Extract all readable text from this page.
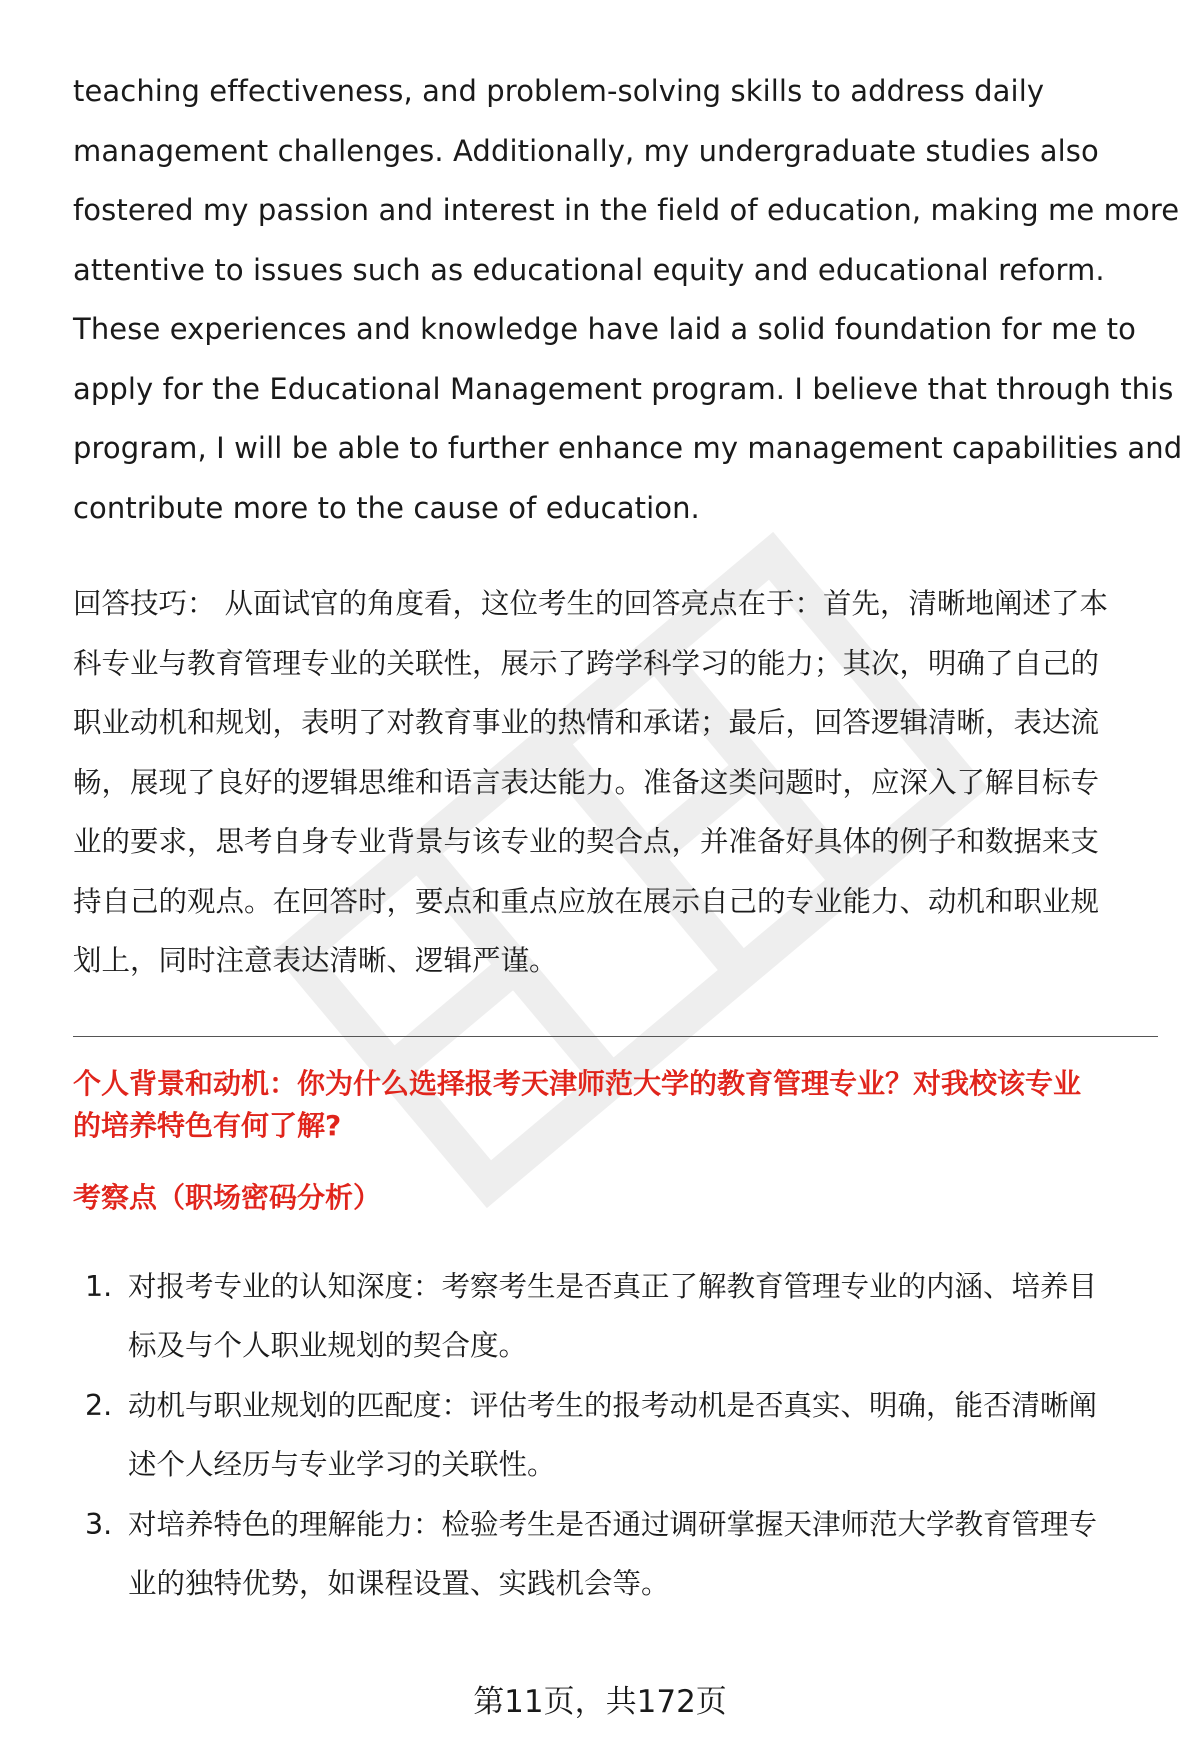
teaching effectiveness, and problem-solving skills to address daily
management challenges. Additionally, my undergraduate studies also
fostered my passion and interest in the field of education, making me more
attentive to issues such as educational equity and educational reform.
These experiences and knowledge have laid a solid foundation for me to
apply for the Educational Management program. I believe that through this
program, I will be able to further enhance my management capabilities and
contribute more to the cause of education.

回答技巧： 从面试官的角度看，这位考生的回答亮点在于：首先，清晰地阐述了本
科专业与教育管理专业的关联性，展示了跨学科学习的能力；其次，明确了自己的
职业动机和规划，表明了对教育事业的热情和承诺；最后，回答逻辑清晰，表达流
畅，展现了良好的逻辑思维和语言表达能力。准备这类问题时，应深入了解目标专
业的要求，思考自身专业背景与该专业的契合点，并准备好具体的例子和数据来支
持自己的观点。在回答时，要点和重点应放在展示自己的专业能力、动机和职业规
划上，同时注意表达清晰、逻辑严谨。

个人背景和动机：你为什么选择报考天津师范大学的教育管理专业？对我校该专业
的培养特色有何了解?
考察点（职场密码分析）
1. 对报考专业的认知深度：考察考生是否真正了解教育管理专业的内涵、培养目
标及与个人职业规划的契合度。
2. 动机与职业规划的匹配度：评估考生的报考动机是否真实、明确，能否清晰阐
述个人经历与专业学习的关联性。
3. 对培养特色的理解能力：检验考生是否通过调研掌握天津师范大学教育管理专
业的独特优势，如课程设置、实践机会等。
第11页，共172页
